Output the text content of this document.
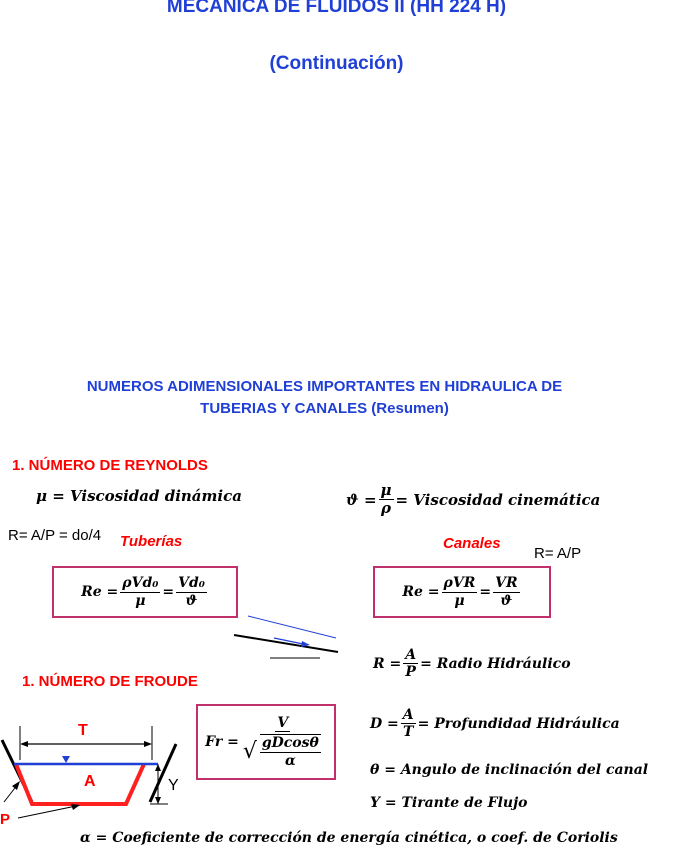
MECANICA DE FLUIDOS II (HH 224 H)
(Continuación)
NUMEROS ADIMENSIONALES IMPORTANTES EN HIDRAULICA DE
TUBERIAS Y CANALES (Resumen)
1. NÚMERO DE REYNOLDS
μ = Viscosidad dinámica	$ϑ = \frac{\mu}{\rho}$ = Viscosidad cinemática
R= A/P = do/4 Tuberías	Canales
R= A/P
$Re = \frac{\text{ρVd₀}}{\mu} = \frac{\text{Vd₀}}{ϑ}$	$Re = \frac{\text{ρVR}}{\mu} = \frac{VR}{ϑ}$
1. NÚMERO DE FROUDE
T
A	Y
P
$Fr = \frac{V}{√ \frac{gDcos\theta}{\alpha}}$
$R = \frac{A}{P}$ = Radio Hidráulico
$D = \frac{A}{T}$ = Profundidad Hidráulica
θ = Angulo de inclinación del canal
Y = Tirante de Flujo
α = Coeficiente de corrección de energía cinética, o coef. de Coriolis
